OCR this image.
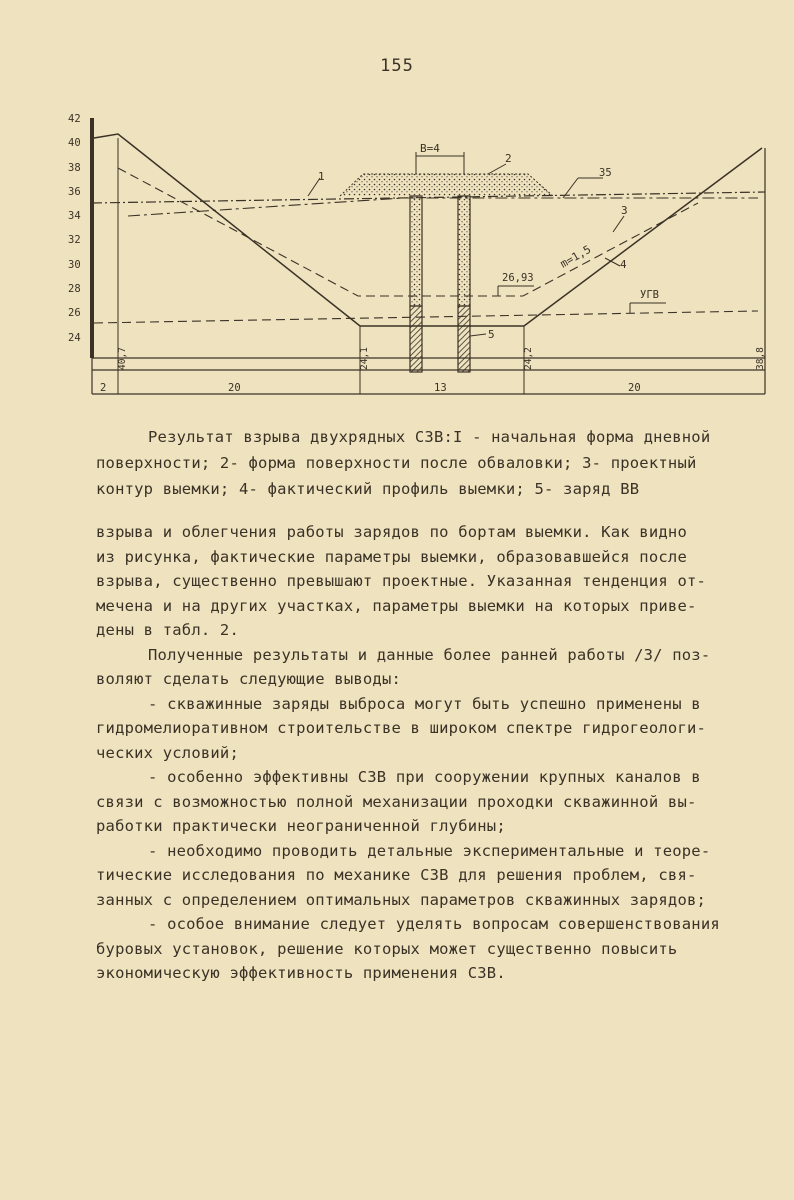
155
42
40
38
36
34
32
30
28
26
24
В=4
1
2
35
3
4
m=1,5
26,93
УГВ
5
40,7	24,1	24,2	38,8
2	20	13	20
Результат взрыва двухрядных СЗВ:I - начальная форма дневной
поверхности; 2- форма поверхности после обваловки; 3- проектный
контур выемки; 4- фактический профиль выемки; 5- заряд ВВ
взрыва и облегчения работы зарядов по бортам выемки. Как видно
из рисунка, фактические параметры выемки, образовавшейся после
взрыва, существенно превышают проектные. Указанная тенденция от-
мечена и на других участках, параметры выемки на которых приве-
дены в табл. 2.
Полученные результаты и данные более ранней работы /3/ поз-
воляют сделать следующие выводы:
- скважинные заряды выброса могут быть успешно применены в
гидромелиоративном строительстве в широком спектре гидрогеологи-
ческих условий;
- особенно эффективны СЗВ при сооружении крупных каналов в
связи с возможностью полной механизации проходки скважинной вы-
работки практически неограниченной глубины;
- необходимо проводить детальные экспериментальные и теоре-
тические исследования по механике СЗВ для решения проблем, свя-
занных с определением оптимальных параметров скважинных зарядов;
- особое внимание следует уделять вопросам совершенствования
буровых установок, решение которых может существенно повысить
экономическую эффективность применения СЗВ.
